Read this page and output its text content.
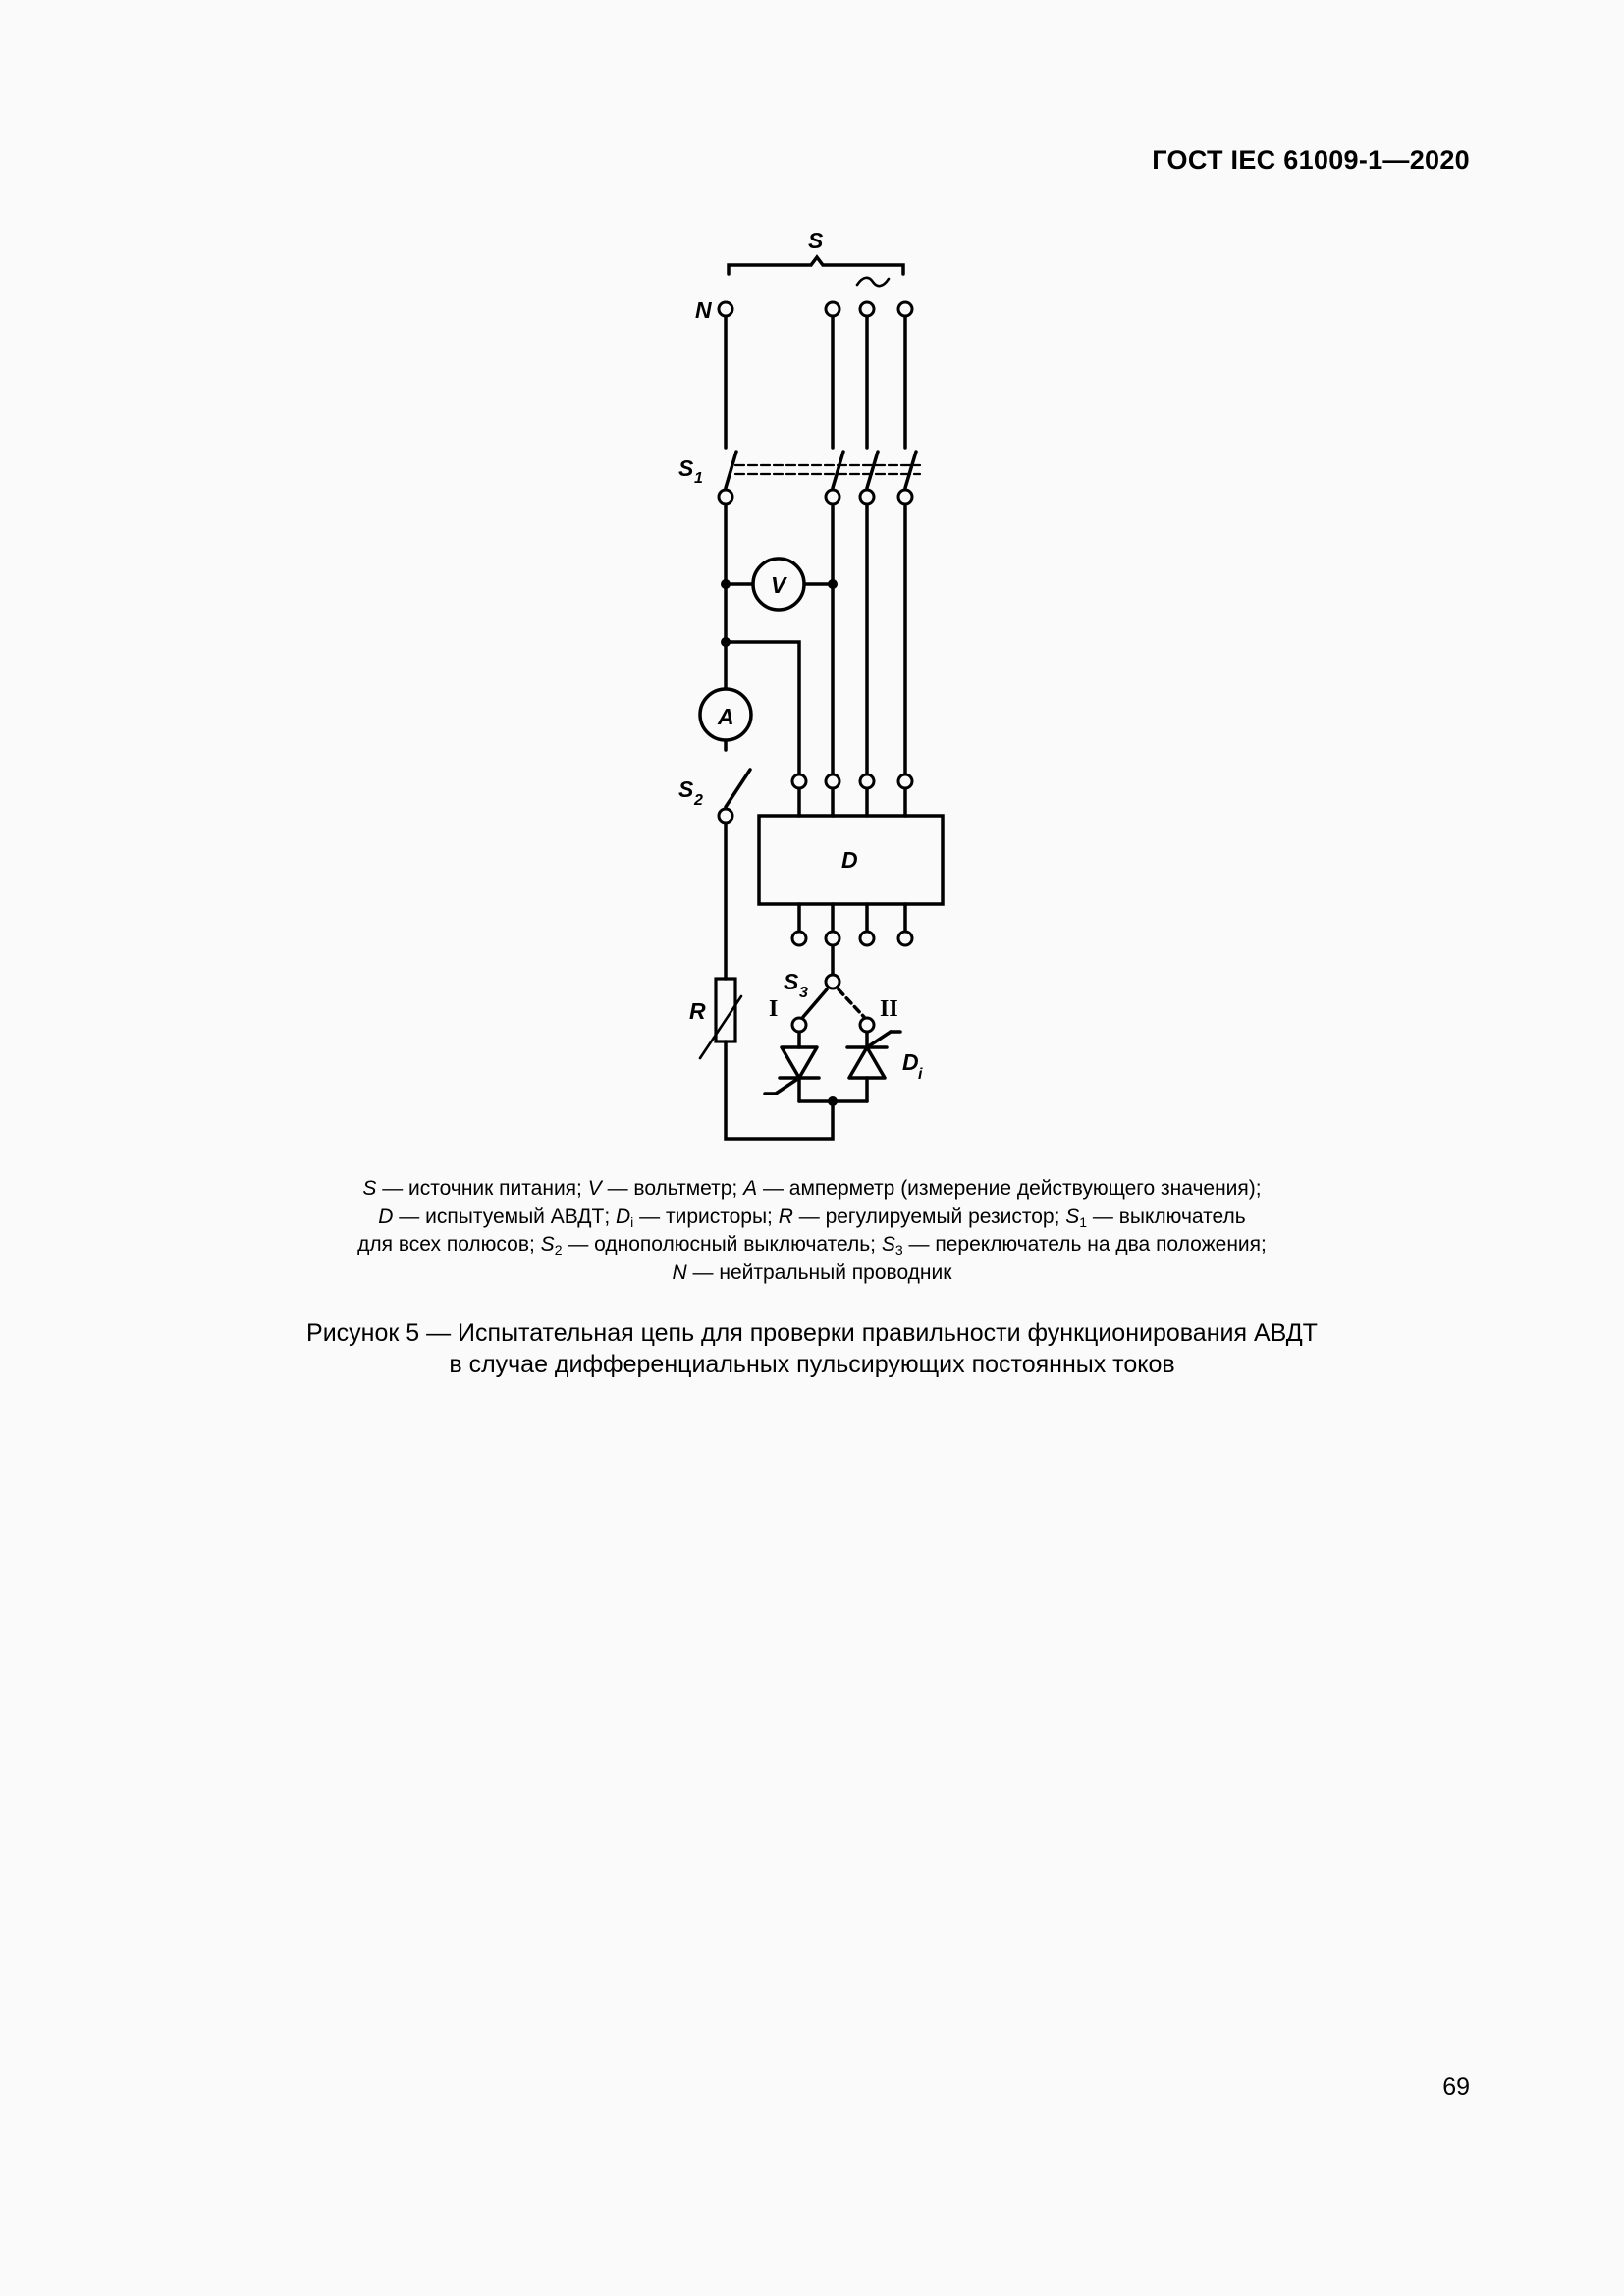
ГОСТ IEC 61009-1—2020
S
N
S 1
V
A
S 2
D
S 3
R	I	II
D i
~
S — источник питания; V — вольтметр; A — амперметр (измерение действующего значения);
D — испытуемый АВДТ; $D_i$ — тиристоры; R — регулируемый резистор; $S_1$ — выключатель
для всех полюсов; $S_2$ — однополюсный выключатель; $S_3$ — переключатель на два положения;
N — нейтральный проводник
Рисунок 5 — Испытательная цепь для проверки правильности функционирования АВДТ
в случае дифференциальных пульсирующих постоянных токов
69
